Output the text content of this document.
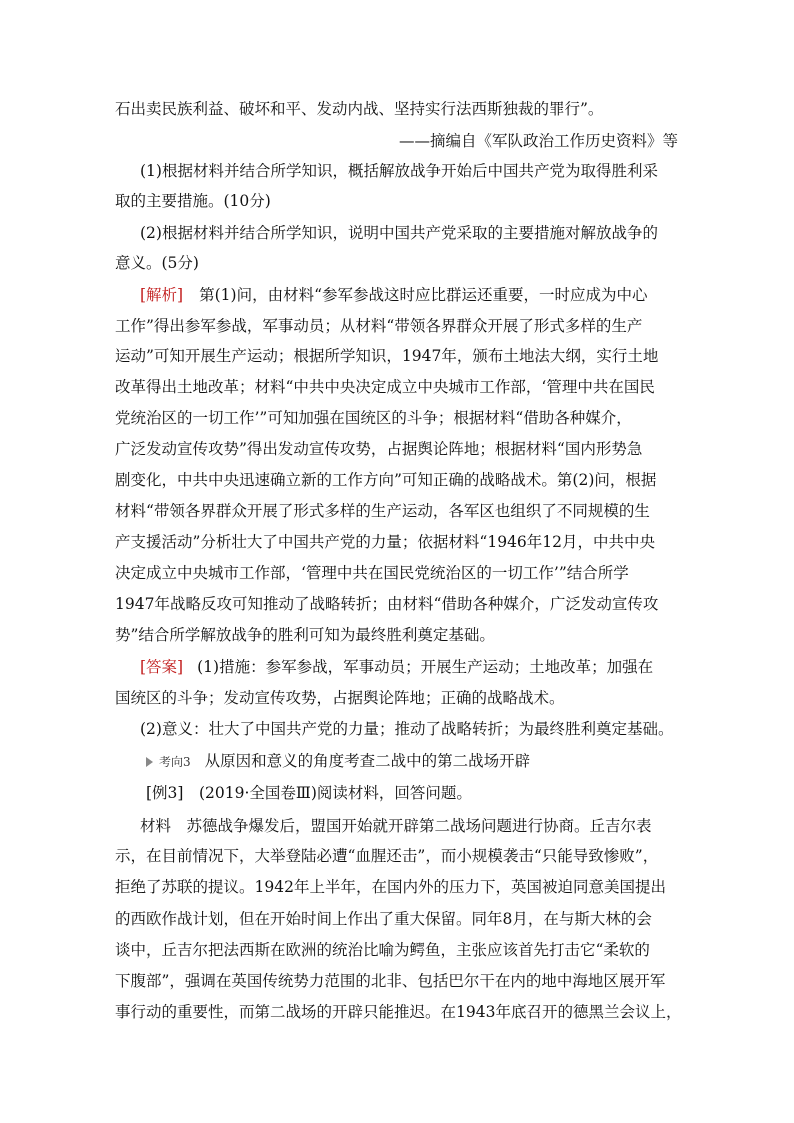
石出卖民族利益、破坏和平、发动内战、坚持实行法西斯独裁的罪行”。
——摘编自《军队政治工作历史资料》等
(1)根据材料并结合所学知识，概括解放战争开始后中国共产党为取得胜利采
取的主要措施。(10分)
(2)根据材料并结合所学知识，说明中国共产党采取的主要措施对解放战争的
意义。(5分)
[解析] 第(1)问，由材料“参军参战这时应比群运还重要，一时应成为中心
工作”得出参军参战，军事动员；从材料“带领各界群众开展了形式多样的生产
运动”可知开展生产运动；根据所学知识，1947年，颁布土地法大纲，实行土地
改革得出土地改革；材料“中共中央决定成立中央城市工作部，‘管理中共在国民
党统治区的一切工作’”可知加强在国统区的斗争；根据材料“借助各种媒介，
广泛发动宣传攻势”得出发动宣传攻势，占据舆论阵地；根据材料“国内形势急
剧变化，中共中央迅速确立新的工作方向”可知正确的战略战术。第(2)问，根据
材料“带领各界群众开展了形式多样的生产运动，各军区也组织了不同规模的生
产支援活动”分析壮大了中国共产党的力量；依据材料“1946年12月，中共中央
决定成立中央城市工作部，‘管理中共在国民党统治区的一切工作’”结合所学
1947年战略反攻可知推动了战略转折；由材料“借助各种媒介，广泛发动宣传攻
势”结合所学解放战争的胜利可知为最终胜利奠定基础。
[答案] (1)措施：参军参战，军事动员；开展生产运动；土地改革；加强在
国统区的斗争；发动宣传攻势，占据舆论阵地；正确的战略战术。
(2)意义：壮大了中国共产党的力量；推动了战略转折；为最终胜利奠定基础。
考向3 从原因和意义的角度考查二战中的第二战场开辟
[例3]　(2019·全国卷Ⅲ)阅读材料，回答问题。
材料　苏德战争爆发后，盟国开始就开辟第二战场问题进行协商。丘吉尔表
示，在目前情况下，大举登陆必遭“血腥还击”，而小规模袭击“只能导致惨败”，
拒绝了苏联的提议。1942年上半年，在国内外的压力下，英国被迫同意美国提出
的西欧作战计划，但在开始时间上作出了重大保留。同年8月，在与斯大林的会
谈中，丘吉尔把法西斯在欧洲的统治比喻为鳄鱼，主张应该首先打击它“柔软的
下腹部”，强调在英国传统势力范围的北非、包括巴尔干在内的地中海地区展开军
事行动的重要性，而第二战场的开辟只能推迟。在1943年底召开的德黑兰会议上，
